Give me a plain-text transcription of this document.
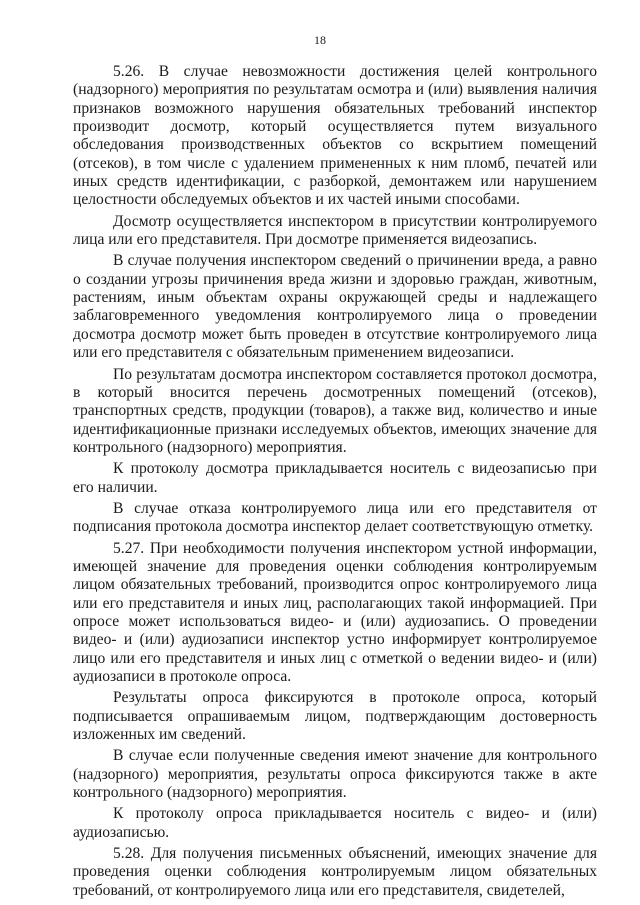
18

5.26. В случае невозможности достижения целей контрольного (надзорного) мероприятия по результатам осмотра и (или) выявления наличия признаков возможного нарушения обязательных требований инспектор производит досмотр, который осуществляется путем визуального обследования производственных объектов со вскрытием помещений (отсеков), в том числе с удалением примененных к ним пломб, печатей или иных средств идентификации, с разборкой, демонтажем или нарушением целостности обследуемых объектов и их частей иными способами.

Досмотр осуществляется инспектором в присутствии контролируемого лица или его представителя. При досмотре применяется видеозапись.

В случае получения инспектором сведений о причинении вреда, а равно о создании угрозы причинения вреда жизни и здоровью граждан, животным, растениям, иным объектам охраны окружающей среды и надлежащего заблаговременного уведомления контролируемого лица о проведении досмотра досмотр может быть проведен в отсутствие контролируемого лица или его представителя с обязательным применением видеозаписи.

По результатам досмотра инспектором составляется протокол досмотра, в который вносится перечень досмотренных помещений (отсеков), транспортных средств, продукции (товаров), а также вид, количество и иные идентификационные признаки исследуемых объектов, имеющих значение для контрольного (надзорного) мероприятия.

К протоколу досмотра прикладывается носитель с видеозаписью при его наличии.

В случае отказа контролируемого лица или его представителя от подписания протокола досмотра инспектор делает соответствующую отметку.

5.27. При необходимости получения инспектором устной информации, имеющей значение для проведения оценки соблюдения контролируемым лицом обязательных требований, производится опрос контролируемого лица или его представителя и иных лиц, располагающих такой информацией. При опросе может использоваться видео- и (или) аудиозапись. О проведении видео- и (или) аудиозаписи инспектор устно информирует контролируемое лицо или его представителя и иных лиц с отметкой о ведении видео- и (или) аудиозаписи в протоколе опроса.

Результаты опроса фиксируются в протоколе опроса, который подписывается опрашиваемым лицом, подтверждающим достоверность изложенных им сведений.

В случае если полученные сведения имеют значение для контрольного (надзорного) мероприятия, результаты опроса фиксируются также в акте контрольного (надзорного) мероприятия.

К протоколу опроса прикладывается носитель с видео- и (или) аудиозаписью.

5.28. Для получения письменных объяснений, имеющих значение для проведения оценки соблюдения контролируемым лицом обязательных требований, от контролируемого лица или его представителя, свидетелей,
